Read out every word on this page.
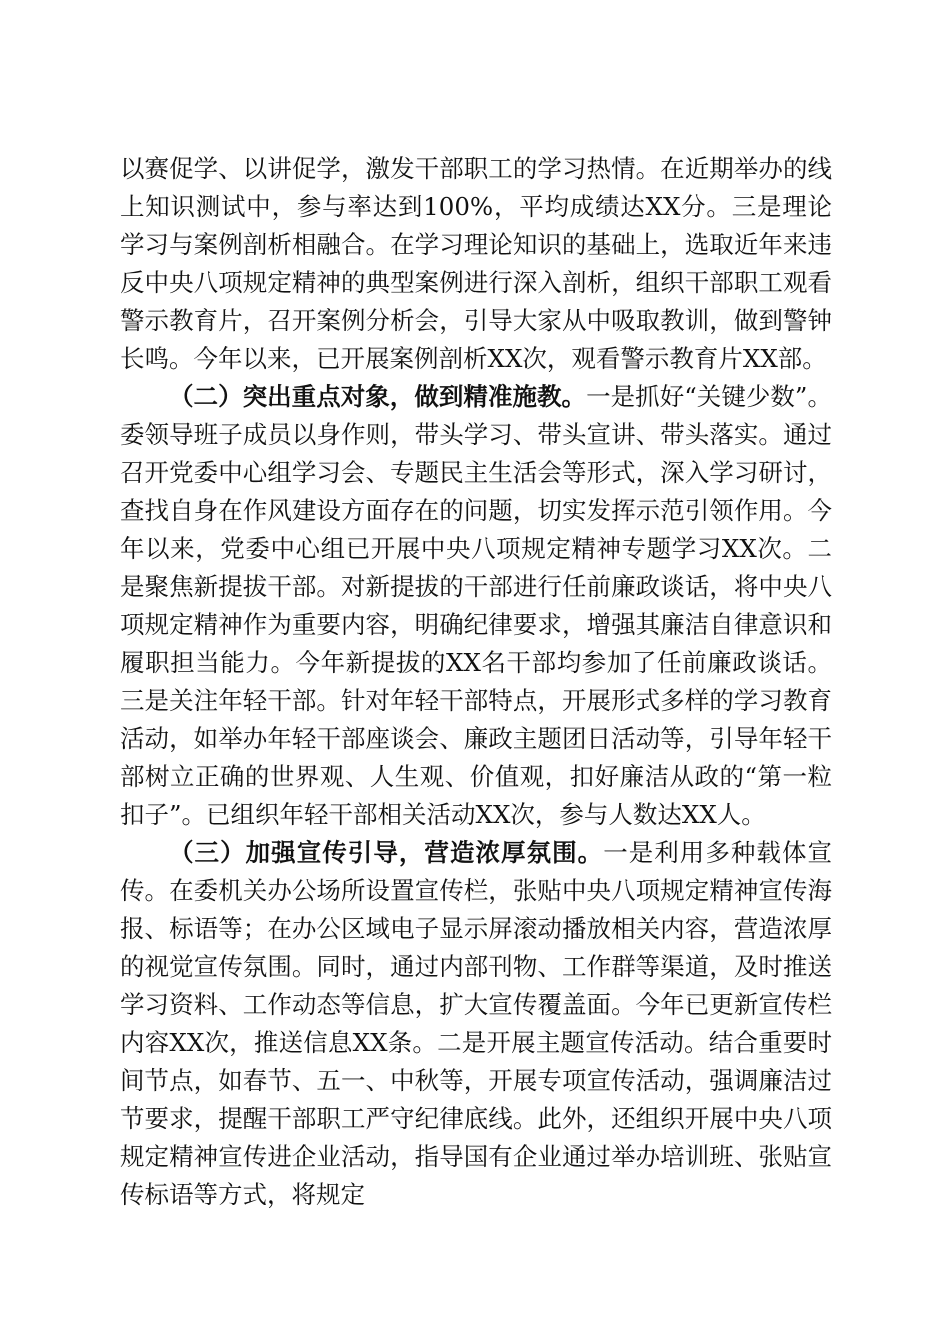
以赛促学、以讲促学，激发干部职工的学习热情。在近期举办的线上知识测试中，参与率达到100%，平均成绩达XX分。三是理论学习与案例剖析相融合。在学习理论知识的基础上，选取近年来违反中央八项规定精神的典型案例进行深入剖析，组织干部职工观看警示教育片，召开案例分析会，引导大家从中吸取教训，做到警钟长鸣。今年以来，已开展案例剖析XX次，观看警示教育片XX部。

（二）突出重点对象，做到精准施教。一是抓好“关键少数”。委领导班子成员以身作则，带头学习、带头宣讲、带头落实。通过召开党委中心组学习会、专题民主生活会等形式，深入学习研讨，查找自身在作风建设方面存在的问题，切实发挥示范引领作用。今年以来，党委中心组已开展中央八项规定精神专题学习XX次。二是聚焦新提拔干部。对新提拔的干部进行任前廉政谈话，将中央八项规定精神作为重要内容，明确纪律要求，增强其廉洁自律意识和履职担当能力。今年新提拔的XX名干部均参加了任前廉政谈话。三是关注年轻干部。针对年轻干部特点，开展形式多样的学习教育活动，如举办年轻干部座谈会、廉政主题团日活动等，引导年轻干部树立正确的世界观、人生观、价值观，扣好廉洁从政的“第一粒扣子”。已组织年轻干部相关活动XX次，参与人数达XX人。

（三）加强宣传引导，营造浓厚氛围。一是利用多种载体宣传。在委机关办公场所设置宣传栏，张贴中央八项规定精神宣传海报、标语等；在办公区域电子显示屏滚动播放相关内容，营造浓厚的视觉宣传氛围。同时，通过内部刊物、工作群等渠道，及时推送学习资料、工作动态等信息，扩大宣传覆盖面。今年已更新宣传栏内容XX次，推送信息XX条。二是开展主题宣传活动。结合重要时间节点，如春节、五一、中秋等，开展专项宣传活动，强调廉洁过节要求，提醒干部职工严守纪律底线。此外，还组织开展中央八项规定精神宣传进企业活动，指导国有企业通过举办培训班、张贴宣传标语等方式，将规定
